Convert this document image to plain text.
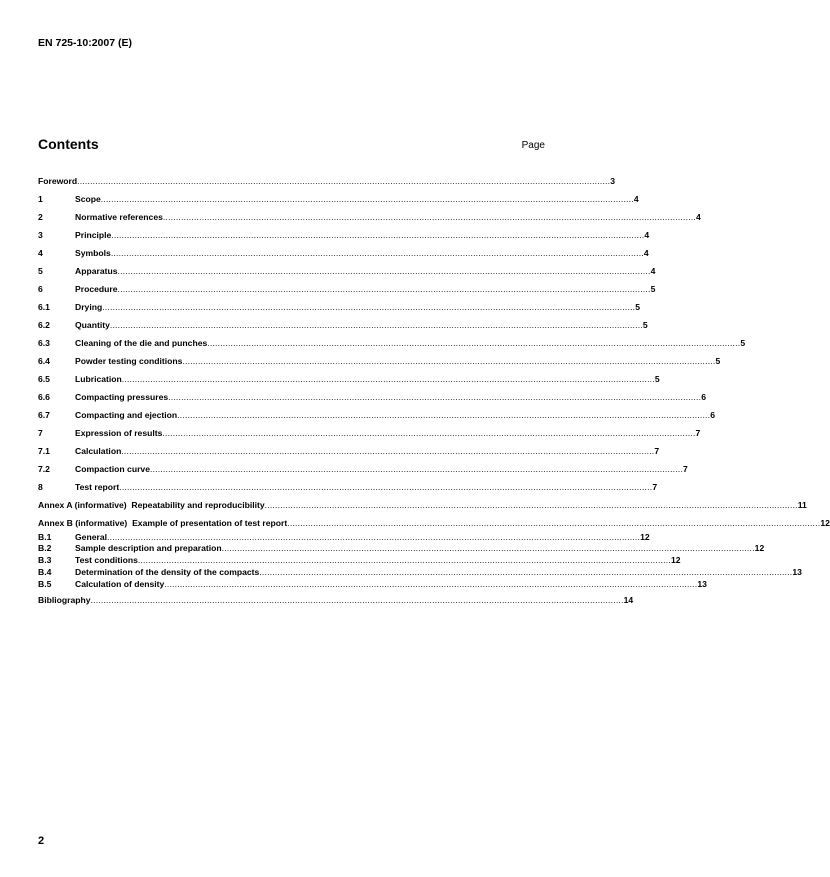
EN 725-10:2007 (E)
Contents	Page
Foreword .............................................................................................................................................................................................................. 3
1	Scope .............................................................................................................................................................................................................. 4
2	Normative references .............................................................................................................................................................................................................. 4
3	Principle .............................................................................................................................................................................................................. 4
4	Symbols .............................................................................................................................................................................................................. 4
5	Apparatus .............................................................................................................................................................................................................. 4
6	Procedure .............................................................................................................................................................................................................. 5
6.1	Drying .............................................................................................................................................................................................................. 5
6.2	Quantity .............................................................................................................................................................................................................. 5
6.3	Cleaning of the die and punches .............................................................................................................................................................................................................. 5
6.4	Powder testing conditions .............................................................................................................................................................................................................. 5
6.5	Lubrication .............................................................................................................................................................................................................. 5
6.6	Compacting pressures .............................................................................................................................................................................................................. 6
6.7	Compacting and ejection .............................................................................................................................................................................................................. 6
7	Expression of results .............................................................................................................................................................................................................. 7
7.1	Calculation .............................................................................................................................................................................................................. 7
7.2	Compaction curve .............................................................................................................................................................................................................. 7
8	Test report .............................................................................................................................................................................................................. 7
Annex A (informative)  Repeatability and reproducibility .............................................................................................................................................................................................................. 11
Annex B (informative)  Example of presentation of test report .............................................................................................................................................................................................................. 12
B.1	General .............................................................................................................................................................................................................. 12
B.2	Sample description and preparation .............................................................................................................................................................................................................. 12
B.3	Test conditions .............................................................................................................................................................................................................. 12
B.4	Determination of the density of the compacts .............................................................................................................................................................................................................. 13
B.5	Calculation of density .............................................................................................................................................................................................................. 13
Bibliography .............................................................................................................................................................................................................. 14
2
